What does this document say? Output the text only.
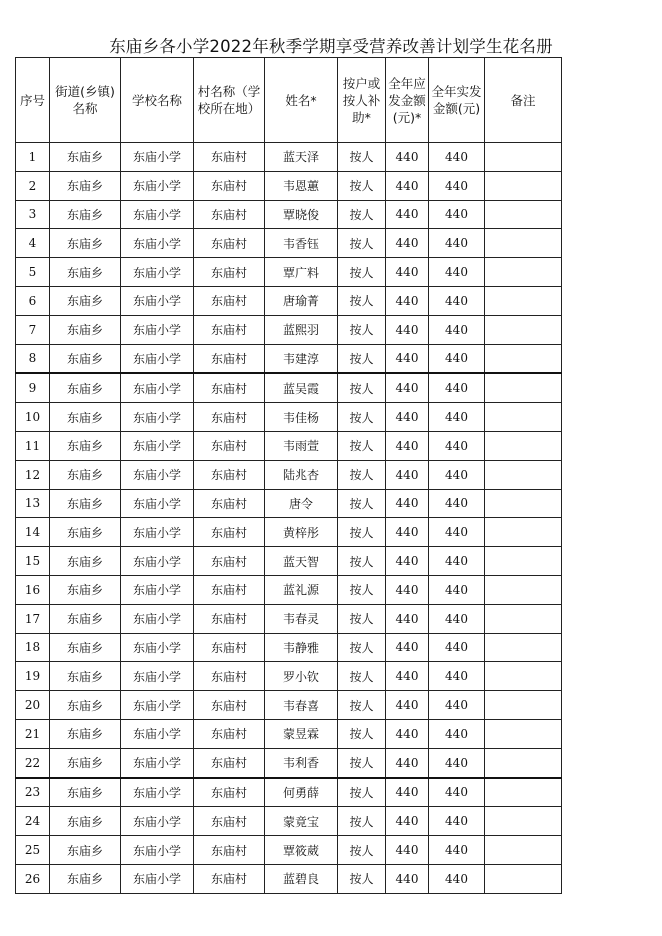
东庙乡各小学2022年秋季学期享受营养改善计划学生花名册
序号	街道(乡镇)
名称	学校名称	村名称（学
校所在地）	姓名*	按户或
按人补
助*	全年应
发金额
(元)*	全年实发
金额(元)	备注

1	东庙乡	东庙小学	东庙村	蓝天泽	按人	440	440	
2	东庙乡	东庙小学	东庙村	韦恩蕙	按人	440	440	
3	东庙乡	东庙小学	东庙村	覃晓俊	按人	440	440	
4	东庙乡	东庙小学	东庙村	韦香钰	按人	440	440	
5	东庙乡	东庙小学	东庙村	覃广料	按人	440	440	
6	东庙乡	东庙小学	东庙村	唐瑜菁	按人	440	440	
7	东庙乡	东庙小学	东庙村	蓝熙羽	按人	440	440	
8	东庙乡	东庙小学	东庙村	韦建淳	按人	440	440	
9	东庙乡	东庙小学	东庙村	蓝吴霞	按人	440	440	
10	东庙乡	东庙小学	东庙村	韦佳杨	按人	440	440	
11	东庙乡	东庙小学	东庙村	韦雨萱	按人	440	440	
12	东庙乡	东庙小学	东庙村	陆兆杏	按人	440	440	
13	东庙乡	东庙小学	东庙村	唐令	按人	440	440	
14	东庙乡	东庙小学	东庙村	黄梓彤	按人	440	440	
15	东庙乡	东庙小学	东庙村	蓝天智	按人	440	440	
16	东庙乡	东庙小学	东庙村	蓝礼源	按人	440	440	
17	东庙乡	东庙小学	东庙村	韦春灵	按人	440	440	
18	东庙乡	东庙小学	东庙村	韦静雅	按人	440	440	
19	东庙乡	东庙小学	东庙村	罗小钦	按人	440	440	
20	东庙乡	东庙小学	东庙村	韦春喜	按人	440	440	
21	东庙乡	东庙小学	东庙村	蒙昱霖	按人	440	440	
22	东庙乡	东庙小学	东庙村	韦利香	按人	440	440	
23	东庙乡	东庙小学	东庙村	何勇薛	按人	440	440	
24	东庙乡	东庙小学	东庙村	蒙竟宝	按人	440	440	
25	东庙乡	东庙小学	东庙村	覃筱葳	按人	440	440	
26	东庙乡	东庙小学	东庙村	蓝碧良	按人	440	440	
